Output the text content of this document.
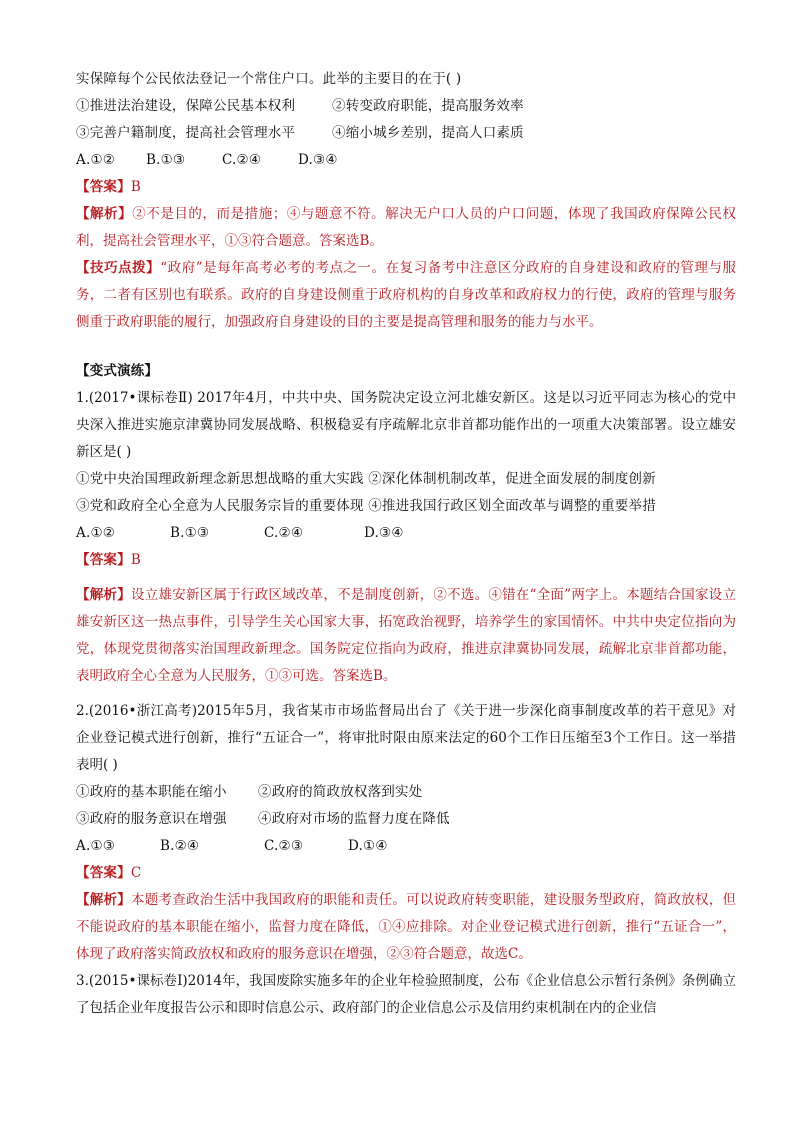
实保障每个公民依法登记一个常住户口。此举的主要目的在于( )
①推进法治建设，保障公民基本权利	②转变政府职能，提高服务效率
③完善户籍制度，提高社会管理水平	④缩小城乡差别，提高人口素质
A.①②	B.①③	C.②④	D.③④
【答案】B
【解析】②不是目的，而是措施；④与题意不符。解决无户口人员的户口问题，体现了我国政府保障公民权利，提高社会管理水平，①③符合题意。答案选B。
【技巧点拨】“政府”是每年高考必考的考点之一。在复习备考中注意区分政府的自身建设和政府的管理与服务，二者有区别也有联系。政府的自身建设侧重于政府机构的自身改革和政府权力的行使，政府的管理与服务侧重于政府职能的履行，加强政府自身建设的目的主要是提高管理和服务的能力与水平。
【变式演练】
1.(2017•课标卷Ⅱ) 2017年4月，中共中央、国务院决定设立河北雄安新区。这是以习近平同志为核心的党中央深入推进实施京津冀协同发展战略、积极稳妥有序疏解北京非首都功能作出的一项重大决策部署。设立雄安新区是( )
①党中央治国理政新理念新思想战略的重大实践 ②深化体制机制改革，促进全面发展的制度创新
③党和政府全心全意为人民服务宗旨的重要体现 ④推进我国行政区划全面改革与调整的重要举措
A.①②	B.①③	C.②④	D.③④
【答案】B
【解析】设立雄安新区属于行政区域改革，不是制度创新，②不选。④错在“全面”两字上。本题结合国家设立雄安新区这一热点事件，引导学生关心国家大事，拓宽政治视野，培养学生的家国情怀。中共中央定位指向为党，体现党贯彻落实治国理政新理念。国务院定位指向为政府，推进京津冀协同发展，疏解北京非首都功能，表明政府全心全意为人民服务，①③可选。答案选B。
2.(2016•浙江高考)2015年5月，我省某市市场监督局出台了《关于进一步深化商事制度改革的若干意见》对企业登记模式进行创新，推行“五证合一”，将审批时限由原来法定的60个工作日压缩至3个工作日。这一举措表明( )
①政府的基本职能在缩小	②政府的简政放权落到实处
③政府的服务意识在增强	④政府对市场的监督力度在降低
A.①③	B.②④	C.②③	D.①④
【答案】C
【解析】本题考查政治生活中我国政府的职能和责任。可以说政府转变职能，建设服务型政府，简政放权，但不能说政府的基本职能在缩小，监督力度在降低，①④应排除。对企业登记模式进行创新，推行“五证合一”，体现了政府落实简政放权和政府的服务意识在增强，②③符合题意，故选C。
3.(2015•课标卷Ⅰ)2014年，我国废除实施多年的企业年检验照制度，公布《企业信息公示暂行条例》条例确立了包括企业年度报告公示和即时信息公示、政府部门的企业信息公示及信用约束机制在内的企业信
